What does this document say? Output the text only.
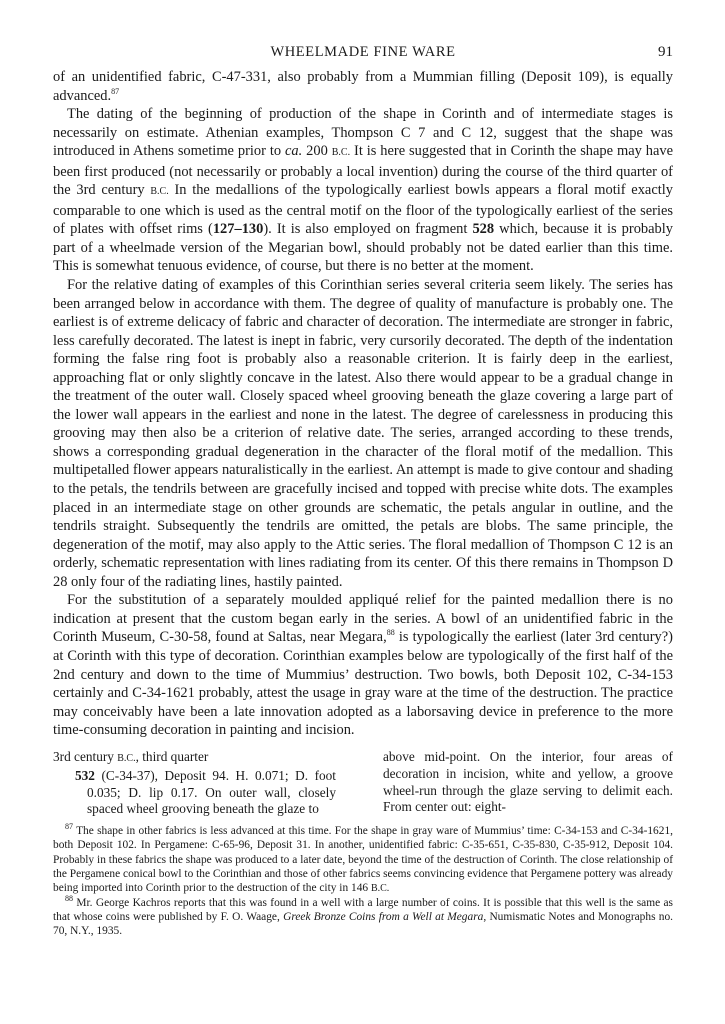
WHEELMADE FINE WARE	91

of an unidentified fabric, C-47-331, also probably from a Mummian filling (Deposit 109), is equally advanced.$^{87}$

The dating of the beginning of production of the shape in Corinth and of intermediate stages is necessarily on estimate. Athenian examples, Thompson C 7 and C 12, suggest that the shape was introduced in Athens sometime prior to ca. 200 B.C. It is here suggested that in Corinth the shape may have been first produced (not necessarily or probably a local invention) during the course of the third quarter of the 3rd century B.C. In the medallions of the typologically earliest bowls appears a floral motif exactly comparable to one which is used as the central motif on the floor of the typologically earliest of the series of plates with offset rims (127–130). It is also employed on fragment 528 which, because it is probably part of a wheelmade version of the Megarian bowl, should probably not be dated earlier than this time. This is somewhat tenuous evidence, of course, but there is no better at the moment.

For the relative dating of examples of this Corinthian series several criteria seem likely. The series has been arranged below in accordance with them. The degree of quality of manufacture is probably one. The earliest is of extreme delicacy of fabric and character of decoration. The intermediate are stronger in fabric, less carefully decorated. The latest is inept in fabric, very cursorily decorated. The depth of the indentation forming the false ring foot is probably also a reasonable criterion. It is fairly deep in the earliest, approaching flat or only slightly concave in the latest. Also there would appear to be a gradual change in the treatment of the outer wall. Closely spaced wheel grooving beneath the glaze covering a large part of the lower wall appears in the earliest and none in the latest. The degree of carelessness in producing this grooving may then also be a criterion of relative date. The series, arranged according to these trends, shows a corresponding gradual degeneration in the character of the floral motif of the medallion. This multipetalled flower appears naturalistically in the earliest. An attempt is made to give contour and shading to the petals, the tendrils between are gracefully incised and topped with precise white dots. The examples placed in an intermediate stage on other grounds are schematic, the petals angular in outline, and the tendrils straight. Subsequently the tendrils are omitted, the petals are blobs. The same principle, the degeneration of the motif, may also apply to the Attic series. The floral medallion of Thompson C 12 is an orderly, schematic representation with lines radiating from its center. Of this there remains in Thompson D 28 only four of the radiating lines, hastily painted.

For the substitution of a separately moulded appliqué relief for the painted medallion there is no indication at present that the custom began early in the series. A bowl of an unidentified fabric in the Corinth Museum, C-30-58, found at Saltas, near Megara,$^{88}$ is typologically the earliest (later 3rd century?) at Corinth with this type of decoration. Corinthian examples below are typologically of the first half of the 2nd century and down to the time of Mummius’ destruction. Two bowls, both Deposit 102, C-34-153 certainly and C-34-1621 probably, attest the usage in gray ware at the time of the destruction. The practice may conceivably have been a late innovation adopted as a laborsaving device in preference to the more time-consuming decoration in painting and incision.

3rd century B.C., third quarter
532 (C-34-37), Deposit 94. H. 0.071; D. foot 0.035; D. lip 0.17. On outer wall, closely spaced wheel grooving beneath the glaze to
above mid-point. On the interior, four areas of decoration in incision, white and yellow, a groove wheel-run through the glaze serving to delimit each. From center out: eight-

$^{87}$ The shape in other fabrics is less advanced at this time. For the shape in gray ware of Mummius’ time: C-34-153 and C-34-1621, both Deposit 102. In Pergamene: C-65-96, Deposit 31. In another, unidentified fabric: C-35-651, C-35-830, C-35-912, Deposit 104. Probably in these fabrics the shape was produced to a later date, beyond the time of the destruction of Corinth. The close relationship of the Pergamene conical bowl to the Corinthian and those of other fabrics seems convincing evidence that Pergamene pottery was already being imported into Corinth prior to the destruction of the city in 146 B.C.

$^{88}$ Mr. George Kachros reports that this was found in a well with a large number of coins. It is possible that this well is the same as that whose coins were published by F. O. Waage, Greek Bronze Coins from a Well at Megara, Numismatic Notes and Monographs no. 70, N.Y., 1935.
